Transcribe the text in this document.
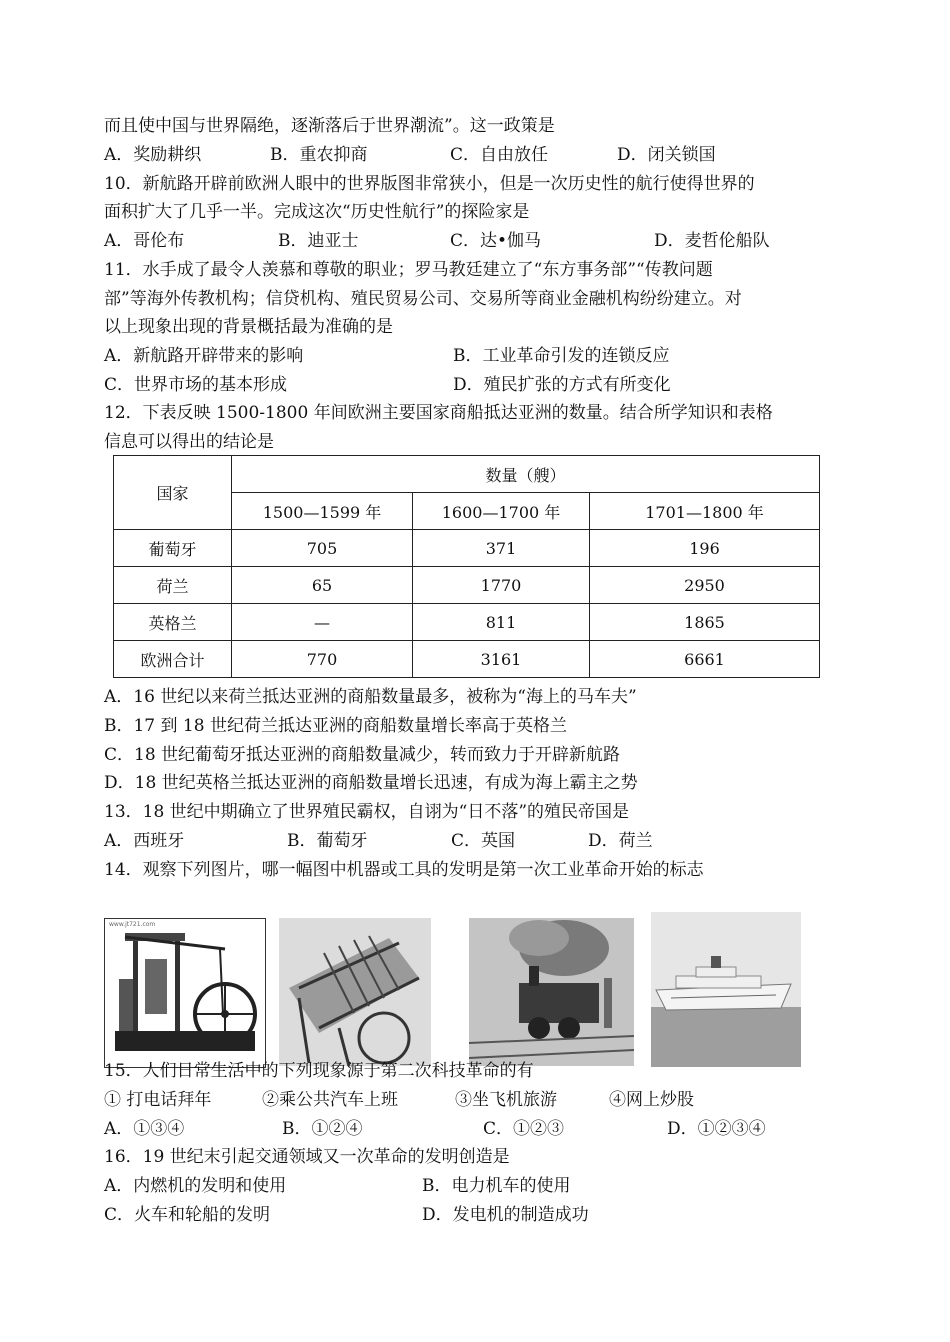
而且使中国与世界隔绝，逐渐落后于世界潮流”。这一政策是
A．奖励耕织	B．重农抑商	C．自由放任	D．闭关锁国
10．新航路开辟前欧洲人眼中的世界版图非常狭小，但是一次历史性的航行使得世界的
面积扩大了几乎一半。完成这次“历史性航行”的探险家是
A．哥伦布	B．迪亚士	C．达•伽马	D．麦哲伦船队
11．水手成了最令人羡慕和尊敬的职业；罗马教廷建立了“东方事务部”“传教问题
部”等海外传教机构；信贷机构、殖民贸易公司、交易所等商业金融机构纷纷建立。对
以上现象出现的背景概括最为准确的是
A．新航路开辟带来的影响	B．工业革命引发的连锁反应
C．世界市场的基本形成	D．殖民扩张的方式有所变化
12．下表反映 1500-1800 年间欧洲主要国家商船抵达亚洲的数量。结合所学知识和表格
信息可以得出的结论是
国家	数量（艘）		
	1500—1599 年	1600—1700 年	1701—1800 年
葡萄牙	705	371	196
荷兰	65	1770	2950
英格兰	—	811	1865
欧洲合计	770	3161	6661
A．16 世纪以来荷兰抵达亚洲的商船数量最多，被称为“海上的马车夫”
B．17 到 18 世纪荷兰抵达亚洲的商船数量增长率高于英格兰
C．18 世纪葡萄牙抵达亚洲的商船数量减少，转而致力于开辟新航路
D．18 世纪英格兰抵达亚洲的商船数量增长迅速，有成为海上霸主之势
13．18 世纪中期确立了世界殖民霸权，自诩为“日不落”的殖民帝国是
A．西班牙	B．葡萄牙	C．英国	D．荷兰
14．观察下列图片，哪一幅图中机器或工具的发明是第一次工业革命开始的标志
www.jt721.com
15．人们日常生活中的下列现象源于第二次科技革命的有
① 打电话拜年	②乘公共汽车上班	③坐飞机旅游	④网上炒股
A．①③④	B．①②④	C．①②③	D．①②③④
16．19 世纪末引起交通领域又一次革命的发明创造是
A．内燃机的发明和使用	B．电力机车的使用
C．火车和轮船的发明	D．发电机的制造成功
